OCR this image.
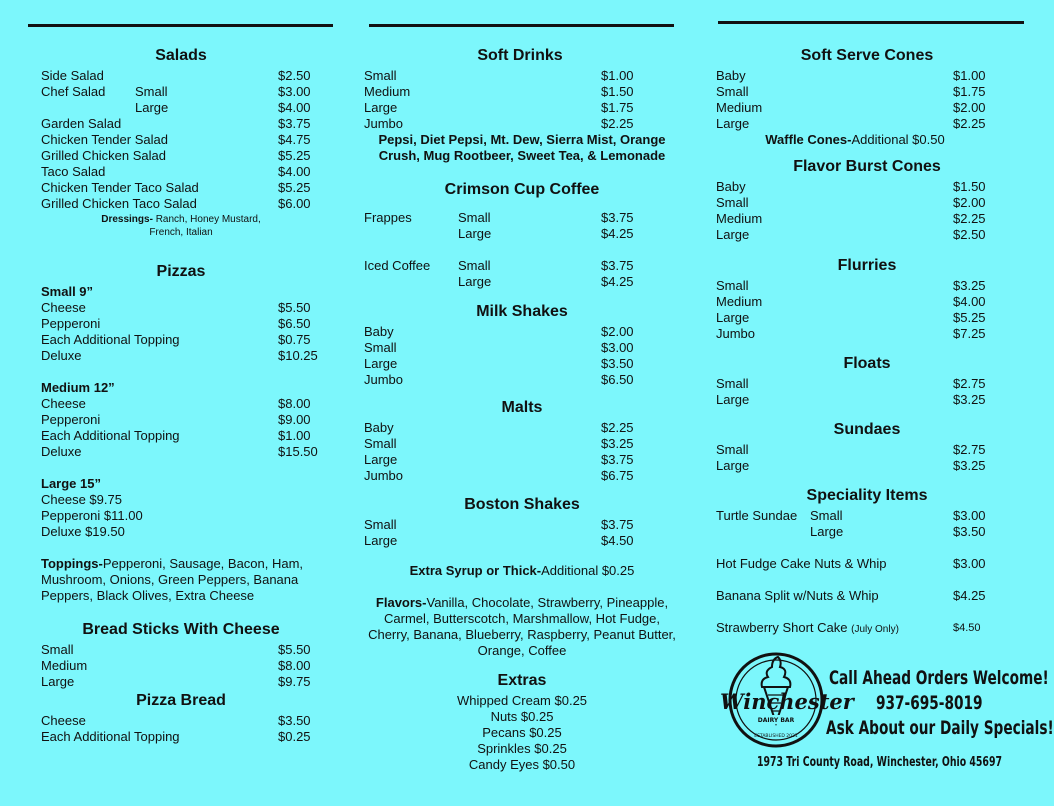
Salads
Side Salad	$2.50
Chef Salad Small	$3.00
Large	$4.00
Garden Salad	$3.75
Chicken Tender Salad	$4.75
Grilled Chicken Salad	$5.25
Taco Salad	$4.00
Chicken Tender Taco Salad	$5.25
Grilled Chicken Taco Salad	$6.00
Dressings- Ranch, Honey Mustard,
French, Italian
Pizzas
Small 9”
Cheese	$5.50
Pepperoni	$6.50
Each Additional Topping	$0.75
Deluxe	$10.25
Medium 12”
Cheese	$8.00
Pepperoni	$9.00
Each Additional Topping	$1.00
Deluxe	$15.50
Large 15”
Cheese $9.75
Pepperoni $11.00
Deluxe $19.50
Toppings-Pepperoni, Sausage, Bacon, Ham,
Mushroom, Onions, Green Peppers, Banana
Peppers, Black Olives, Extra Cheese
Bread Sticks With Cheese
Small	$5.50
Medium	$8.00
Large	$9.75
Pizza Bread
Cheese	$3.50
Each Additional Topping	$0.25
Soft Drinks
Small	$1.00
Medium	$1.50
Large	$1.75
Jumbo	$2.25
Pepsi, Diet Pepsi, Mt. Dew, Sierra Mist, Orange
Crush, Mug Rootbeer, Sweet Tea, & Lemonade
Crimson Cup Coffee
Frappes	Small	$3.75
Large	$4.25
Iced Coffee Small	$3.75
Large	$4.25
Milk Shakes
Baby	$2.00
Small	$3.00
Large	$3.50
Jumbo	$6.50
Malts
Baby	$2.25
Small	$3.25
Large	$3.75
Jumbo	$6.75
Boston Shakes
Small	$3.75
Large	$4.50
Extra Syrup or Thick-Additional $0.25
Flavors-Vanilla, Chocolate, Strawberry, Pineapple,
Carmel, Butterscotch, Marshmallow, Hot Fudge,
Cherry, Banana, Blueberry, Raspberry, Peanut Butter,
Orange, Coffee
Extras
Whipped Cream $0.25
Nuts $0.25
Pecans $0.25
Sprinkles $0.25
Candy Eyes $0.50
Soft Serve Cones
Baby	$1.00
Small	$1.75
Medium	$2.00
Large	$2.25
Waffle Cones-Additional $0.50
Flavor Burst Cones
Baby	$1.50
Small	$2.00
Medium	$2.25
Large	$2.50
Flurries
Small	$3.25
Medium	$4.00
Large	$5.25
Jumbo	$7.25
Floats
Small	$2.75
Large	$3.25
Sundaes
Small	$2.75
Large	$3.25
Speciality Items
Turtle Sundae Small	$3.00
Large	$3.50
Hot Fudge Cake Nuts & Whip	$3.00
Banana Split w/Nuts & Whip	$4.25
Strawberry Short Cake (July Only)	$4.50
Winchester
DAIRY BAR
ESTABLISHED 2021
Call Ahead Orders Welcome!
937-695-8019
Ask About our Daily Specials!
1973 Tri County Road, Winchester, Ohio 45697
